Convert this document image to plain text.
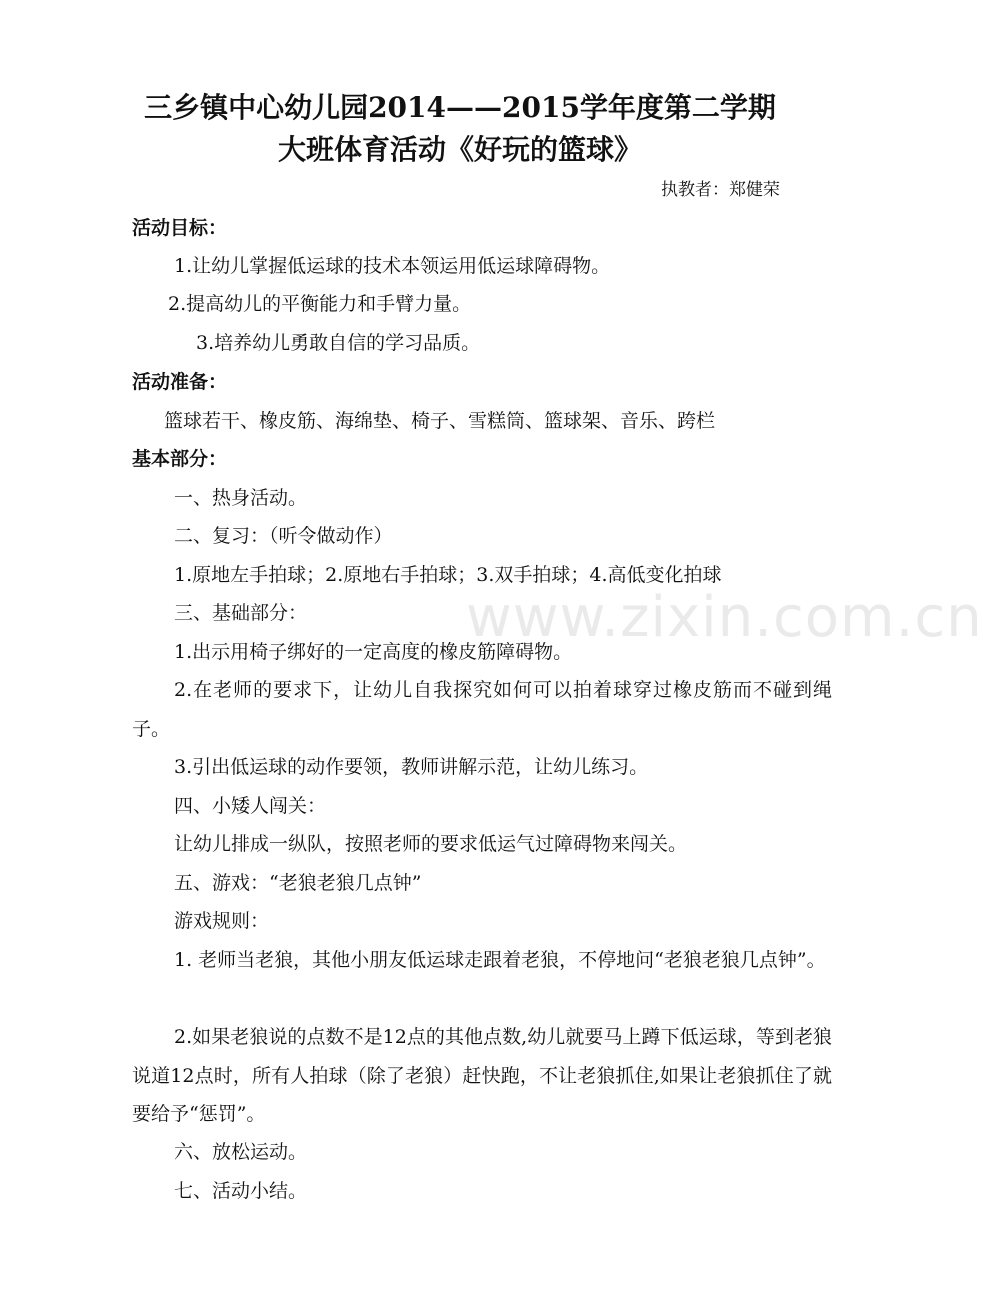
三乡镇中心幼儿园2014——2015学年度第二学期
大班体育活动《好玩的篮球》
执教者：郑健荣
活动目标：
1.让幼儿掌握低运球的技术本领运用低运球障碍物。
2.提高幼儿的平衡能力和手臂力量。
3.培养幼儿勇敢自信的学习品质。
活动准备：
篮球若干、橡皮筋、海绵垫、椅子、雪糕筒、篮球架、音乐、跨栏
基本部分：
一、热身活动。
二、复习：（听令做动作）
1.原地左手拍球；2.原地右手拍球；3.双手拍球；4.高低变化拍球
三、基础部分：
1.出示用椅子绑好的一定高度的橡皮筋障碍物。
2.在老师的要求下，让幼儿自我探究如何可以拍着球穿过橡皮筋而不碰到绳子。
3.引出低运球的动作要领，教师讲解示范，让幼儿练习。
四、小矮人闯关：
让幼儿排成一纵队，按照老师的要求低运气过障碍物来闯关。
五、游戏：“老狼老狼几点钟”
游戏规则：
1. 老师当老狼，其他小朋友低运球走跟着老狼，不停地问“老狼老狼几点钟”。
2.如果老狼说的点数不是12点的其他点数,幼儿就要马上蹲下低运球，等到老狼说道12点时，所有人拍球（除了老狼）赶快跑，不让老狼抓住,如果让老狼抓住了就要给予“惩罚”。
六、放松运动。
七、活动小结。
www.zixin.com.cn
